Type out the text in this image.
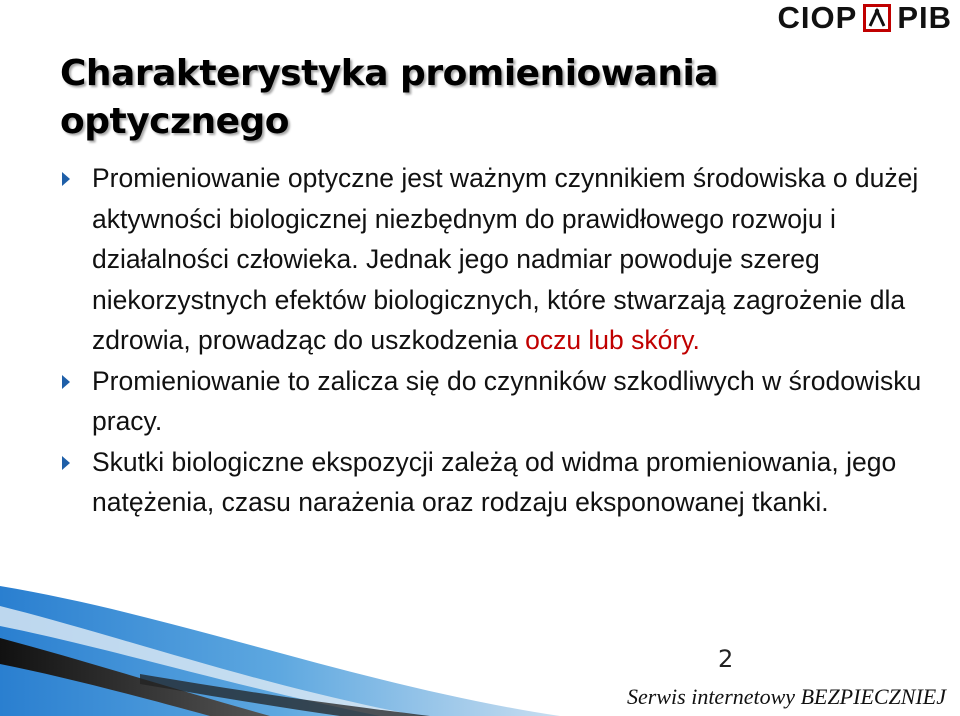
CIOP PIB
Charakterystyka promieniowania optycznego
Promieniowanie optyczne jest ważnym czynnikiem środowiska o dużej aktywności biologicznej niezbędnym do prawidłowego rozwoju i działalności człowieka. Jednak jego nadmiar powoduje szereg niekorzystnych efektów biologicznych, które stwarzają zagrożenie dla zdrowia, prowadząc do uszkodzenia oczu lub skóry.
Promieniowanie to zalicza się do czynników szkodliwych w środowisku pracy.
Skutki biologiczne ekspozycji zależą od widma promieniowania, jego natężenia, czasu narażenia oraz rodzaju eksponowanej tkanki.
2
Serwis internetowy BEZPIECZNIEJ
